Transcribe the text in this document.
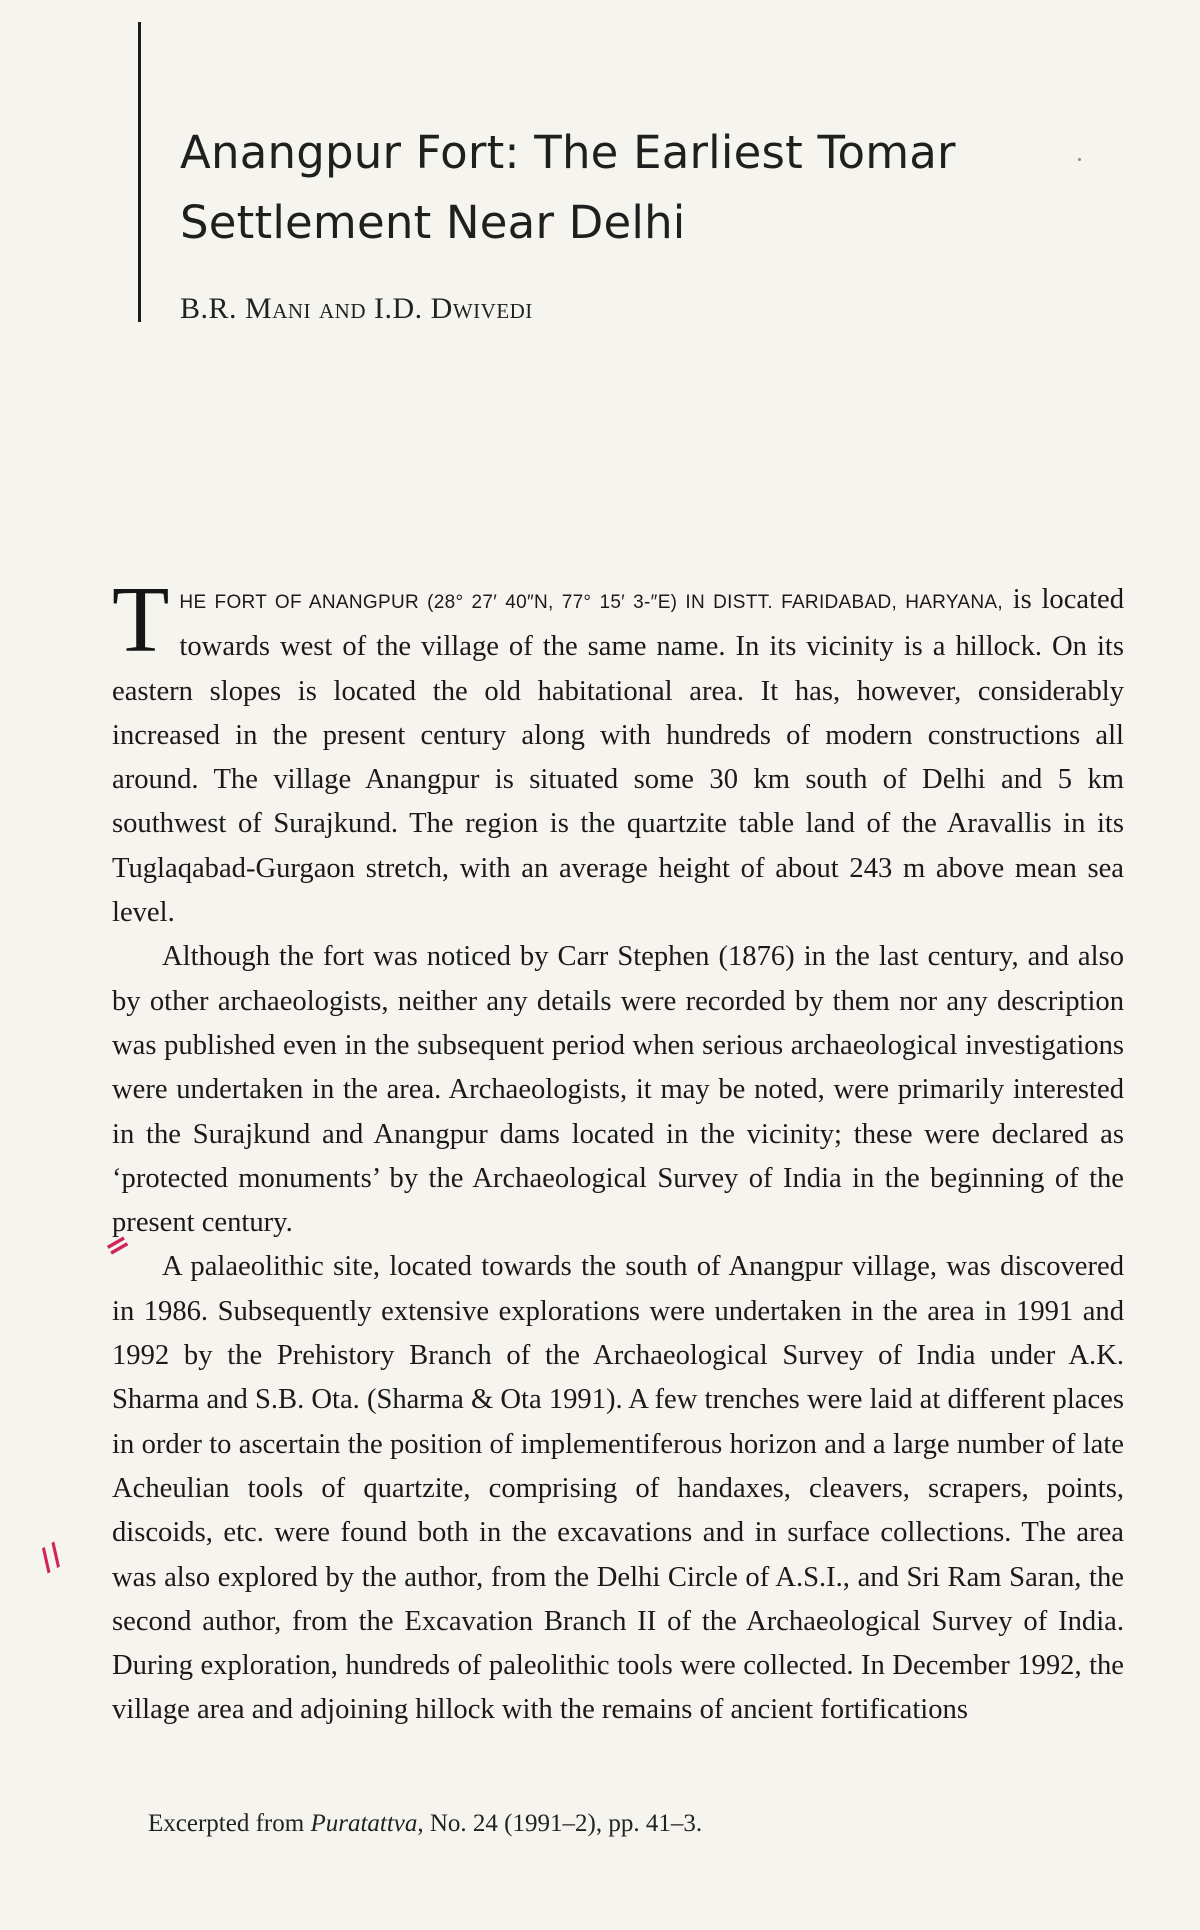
Anangpur Fort: The Earliest Tomar
Settlement Near Delhi
B.R. Mani and I.D. Dwivedi

T HE FORT OF ANANGPUR (28° 27′ 40″N, 77° 15′ 3-″E) IN DISTT. FARIDABAD, HARYANA, is located towards west of the village of the same name. In its vicinity is a hillock. On its eastern slopes is located the old habitational area. It has, however, considerably increased in the present century along with hundreds of modern constructions all around. The village Anangpur is situated some 30 km south of Delhi and 5 km southwest of Surajkund. The region is the quartzite table land of the Aravallis in its Tuglaqabad-Gurgaon stretch, with an average height of about 243 m above mean sea level.

Although the fort was noticed by Carr Stephen (1876) in the last century, and also by other archaeologists, neither any details were recorded by them nor any description was published even in the subsequent period when serious archaeological investigations were undertaken in the area. Archaeologists, it may be noted, were primarily interested in the Surajkund and Anangpur dams located in the vicinity; these were declared as ‘protected monuments’ by the Archaeological Survey of India in the beginning of the present century.

A palaeolithic site, located towards the south of Anangpur village, was discovered in 1986. Subsequently extensive explorations were undertaken in the area in 1991 and 1992 by the Prehistory Branch of the Archaeological Survey of India under A.K. Sharma and S.B. Ota. (Sharma & Ota 1991). A few trenches were laid at different places in order to ascertain the position of implementiferous horizon and a large number of late Acheulian tools of quartzite, comprising of handaxes, cleavers, scrapers, points, discoids, etc. were found both in the excavations and in surface collections. The area was also explored by the author, from the Delhi Circle of A.S.I., and Sri Ram Saran, the second author, from the Excavation Branch II of the Archaeological Survey of India. During exploration, hundreds of paleolithic tools were collected. In December 1992, the village area and adjoining hillock with the remains of ancient fortifications

=
//
Excerpted from Puratattva, No. 24 (1991–2), pp. 41–3.
